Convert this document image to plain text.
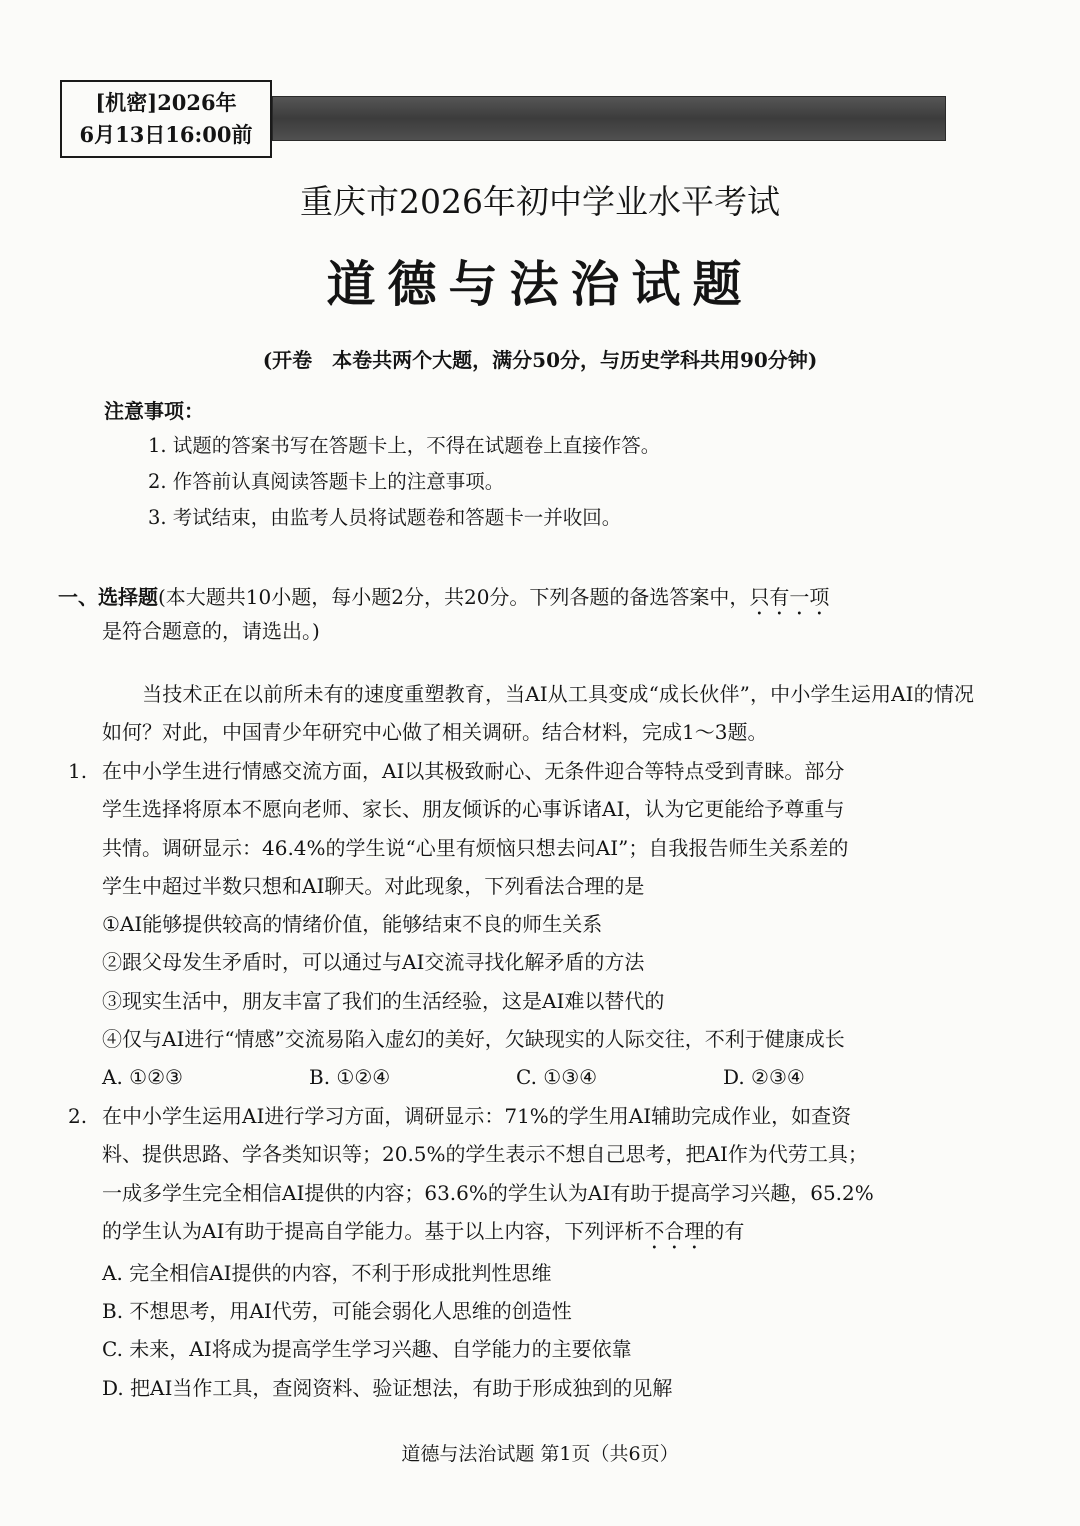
[机密]2026年
6月13日16:00前
重庆市2026年初中学业水平考试
道德与法治试题
(开卷　本卷共两个大题，满分50分，与历史学科共用90分钟)
注意事项：
1. 试题的答案书写在答题卡上，不得在试题卷上直接作答。
2. 作答前认真阅读答题卡上的注意事项。
3. 考试结束，由监考人员将试题卷和答题卡一并收回。
一、选择题(本大题共10小题，每小题2分，共20分。下列各题的备选答案中，只有一项
是符合题意的，请选出。)
当技术正在以前所未有的速度重塑教育，当AI从工具变成“成长伙伴”，中小学生运用AI的情况如何？对此，中国青少年研究中心做了相关调研。结合材料，完成1～3题。
1. 在中小学生进行情感交流方面，AI以其极致耐心、无条件迎合等特点受到青睐。部分
学生选择将原本不愿向老师、家长、朋友倾诉的心事诉诸AI，认为它更能给予尊重与
共情。调研显示：46.4%的学生说“心里有烦恼只想去问AI”；自我报告师生关系差的
学生中超过半数只想和AI聊天。对此现象，下列看法合理的是
①AI能够提供较高的情绪价值，能够结束不良的师生关系
②跟父母发生矛盾时，可以通过与AI交流寻找化解矛盾的方法
③现实生活中，朋友丰富了我们的生活经验，这是AI难以替代的
④仅与AI进行“情感”交流易陷入虚幻的美好，欠缺现实的人际交往，不利于健康成长
A. ①②③	B. ①②④	C. ①③④	D. ②③④
2. 在中小学生运用AI进行学习方面，调研显示：71%的学生用AI辅助完成作业，如查资
料、提供思路、学各类知识等；20.5%的学生表示不想自己思考，把AI作为代劳工具；
一成多学生完全相信AI提供的内容；63.6%的学生认为AI有助于提高学习兴趣，65.2%
的学生认为AI有助于提高自学能力。基于以上内容，下列评析不合理的有
A. 完全相信AI提供的内容，不利于形成批判性思维
B. 不想思考，用AI代劳，可能会弱化人思维的创造性
C. 未来，AI将成为提高学生学习兴趣、自学能力的主要依靠
D. 把AI当作工具，查阅资料、验证想法，有助于形成独到的见解
道德与法治试题 第1页（共6页）
